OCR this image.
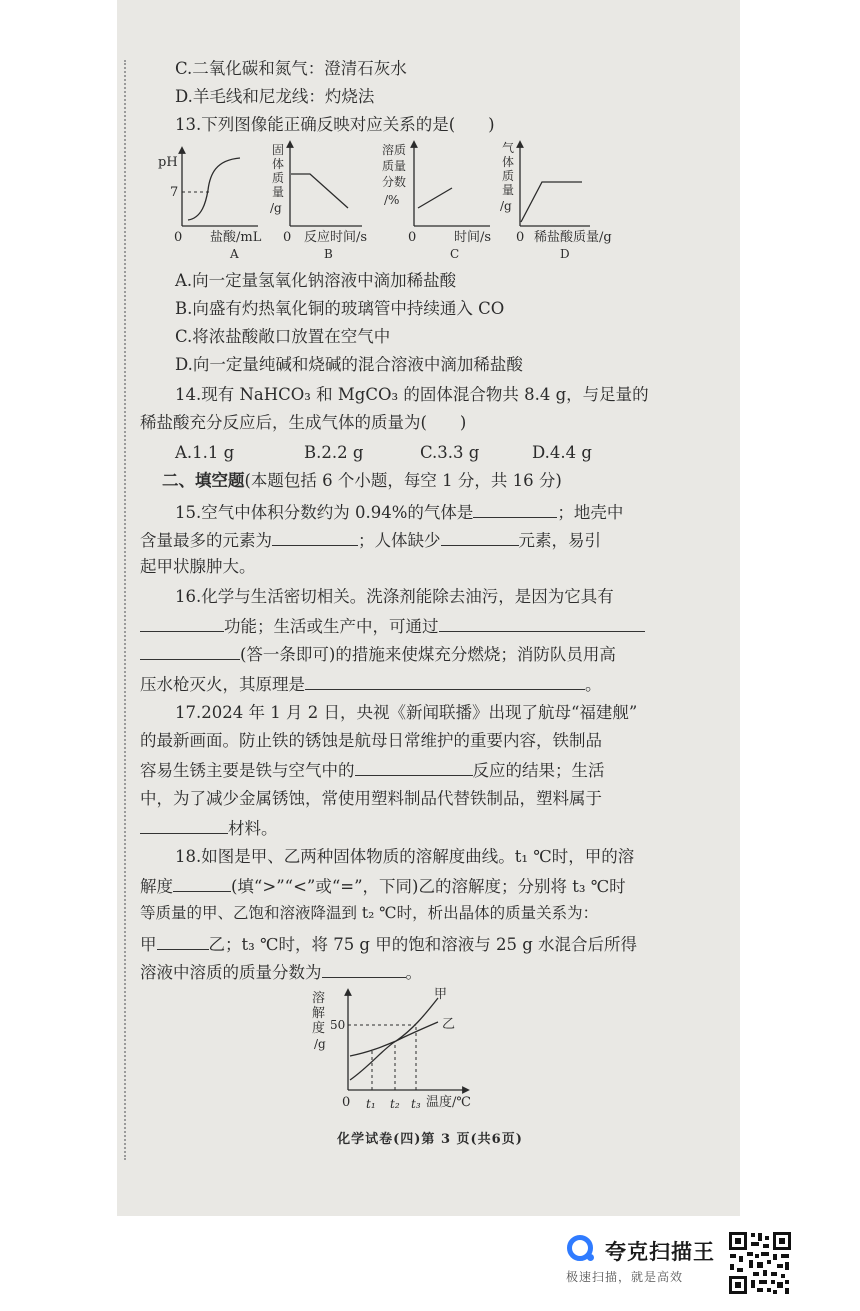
C.二氧化碳和氮气：澄清石灰水
D.羊毛线和尼龙线：灼烧法
13.下列图像能正确反映对应关系的是(　　)
pH
7
0 盐酸/mL
A
固
体
质
量
/g
0 反应时间/s
B
溶质
质量
分数
/%
0	时间/s
C
气
体
质
量
/g
0 稀盐酸质量/g
D
A.向一定量氢氧化钠溶液中滴加稀盐酸
B.向盛有灼热氧化铜的玻璃管中持续通入 CO
C.将浓盐酸敞口放置在空气中
D.向一定量纯碱和烧碱的混合溶液中滴加稀盐酸
14.现有 NaHCO₃ 和 MgCO₃ 的固体混合物共 8.4 g，与足量的
稀盐酸充分反应后，生成气体的质量为(　　)
A.1.1 g	B.2.2 g	C.3.3 g	D.4.4 g
二、填空题(本题包括 6 个小题，每空 1 分，共 16 分)
15.空气中体积分数约为 0.94%的气体是	；地壳中
含量最多的元素为	；人体缺少	元素，易引
起甲状腺肿大。
16.化学与生活密切相关。洗涤剂能除去油污，是因为它具有
功能；生活或生产中，可通过
(答一条即可)的措施来使煤充分燃烧；消防队员用高
压水枪灭火，其原理是	。
17.2024 年 1 月 2 日，央视《新闻联播》出现了航母“福建舰”
的最新画面。防止铁的锈蚀是航母日常维护的重要内容，铁制品
容易生锈主要是铁与空气中的	反应的结果；生活
中，为了减少金属锈蚀，常使用塑料制品代替铁制品，塑料属于
材料。
18.如图是甲、乙两种固体物质的溶解度曲线。t₁ ℃时，甲的溶
解度	(填“>”“<”或“=”，下同)乙的溶解度；分别将 t₃ ℃时
等质量的甲、乙饱和溶液降温到 t₂ ℃时，析出晶体的质量关系为：
甲	乙；t₃ ℃时，将 75 g 甲的饱和溶液与 25 g 水混合后所得
溶液中溶质的质量分数为	。
溶
解
度
/g
50
甲
乙
0 t₁ t₂ t₃ 温度/℃
化学试卷(四)第 3 页(共6页)
夸克扫描王
极速扫描，就是高效
